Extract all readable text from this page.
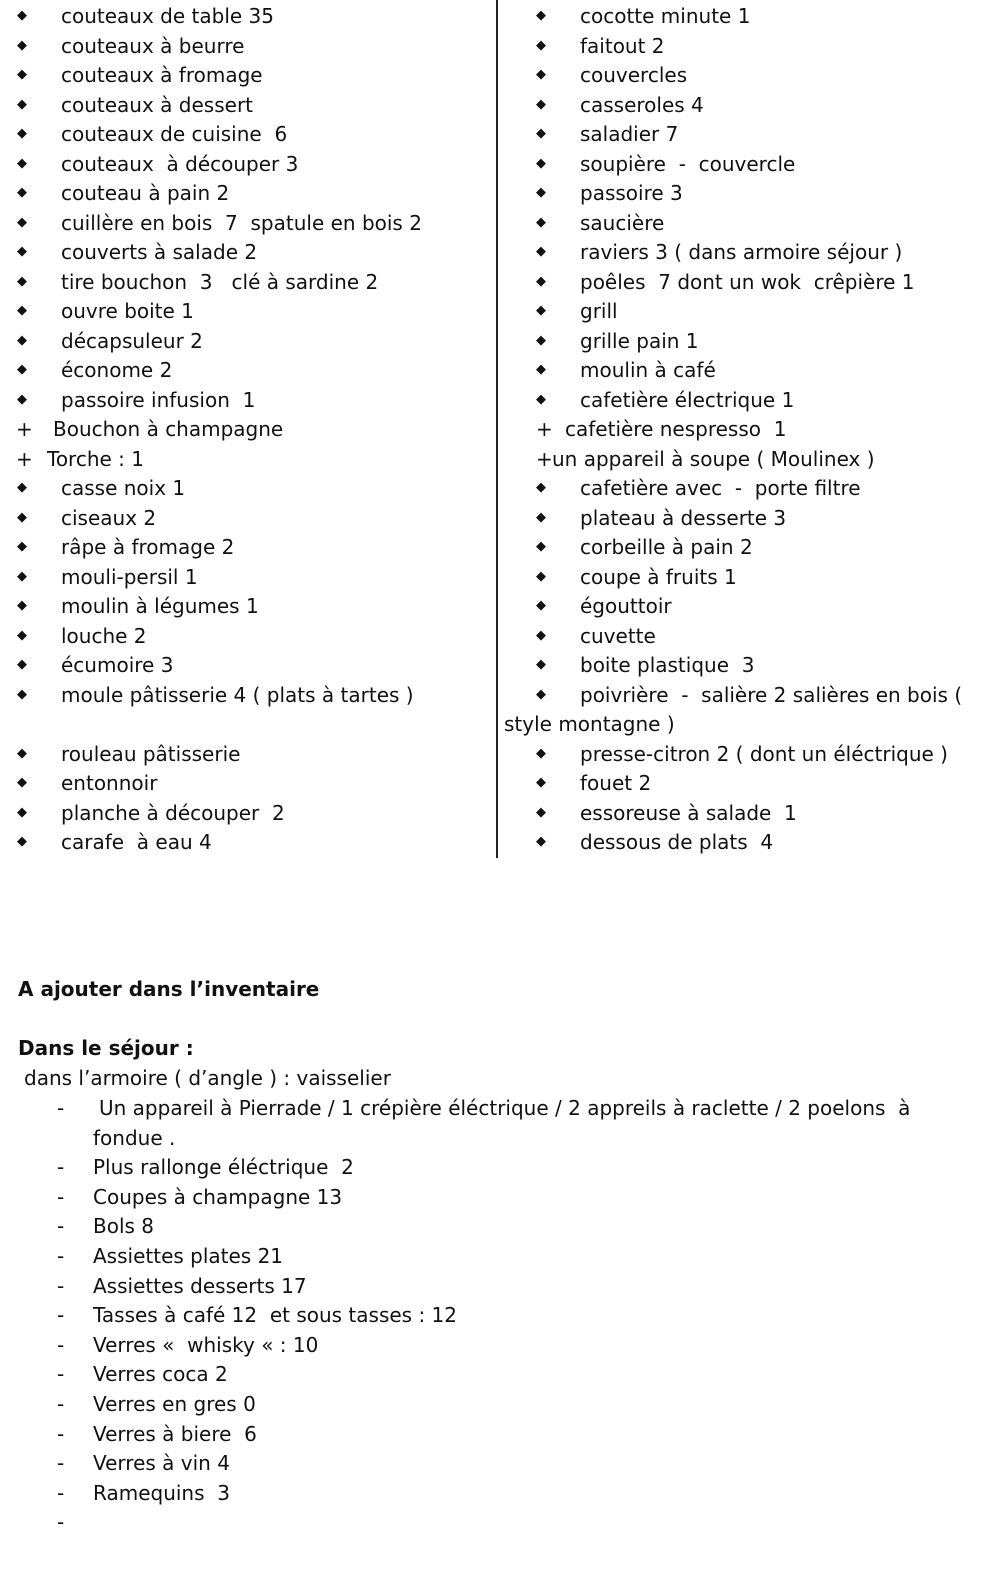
◆ couteaux de table 35
◆ couteaux à beurre
◆ couteaux à fromage
◆ couteaux à dessert
◆ couteaux de cuisine  6
◆ couteaux  à découper 3
◆ couteau à pain 2
◆ cuillère en bois  7  spatule en bois 2
◆ couverts à salade 2
◆ tire bouchon  3   clé à sardine 2
◆ ouvre boite 1
◆ décapsuleur 2
◆ économe 2
◆ passoire infusion  1
+ Bouchon à champagne
+ Torche : 1
◆ casse noix 1
◆ ciseaux 2
◆ râpe à fromage 2
◆ mouli-persil 1
◆ moulin à légumes 1
◆ louche 2
◆ écumoire 3
◆ moule pâtisserie 4 ( plats à tartes )
◆ rouleau pâtisserie
◆ entonnoir
◆ planche à découper  2
◆ carafe  à eau 4
◆ cocotte minute 1
◆ faitout 2
◆ couvercles
◆ casseroles 4
◆ saladier 7
◆ soupière  -  couvercle
◆ passoire 3
◆ saucière
◆ raviers 3 ( dans armoire séjour )
◆ poêles  7 dont un wok  crêpière 1
◆ grill
◆ grille pain 1
◆ moulin à café
◆ cafetière électrique 1
+ cafetière nespresso  1
+ un appareil à soupe ( Moulinex )
◆ cafetière avec  -  porte filtre
◆ plateau à desserte 3
◆ corbeille à pain 2
◆ coupe à fruits 1
◆ égouttoir
◆ cuvette
◆ boite plastique  3
◆ poivrière  -  salière 2 salières en bois (
style montagne )
◆ presse-citron 2 ( dont un éléctrique )
◆ fouet 2
◆ essoreuse à salade  1
◆ dessous de plats  4
A ajouter dans l’inventaire
Dans le séjour :
dans l’armoire ( d’angle ) : vaisselier
- Un appareil à Pierrade / 1 crépière éléctrique / 2 appreils à raclette / 2 poelons  à
fondue .
- Plus rallonge éléctrique  2
- Coupes à champagne 13
- Bols 8
- Assiettes plates 21
- Assiettes desserts 17
- Tasses à café 12  et sous tasses : 12
- Verres «  whisky « : 10
- Verres coca 2
- Verres en gres 0
- Verres à biere  6
- Verres à vin 4
- Ramequins  3
-
